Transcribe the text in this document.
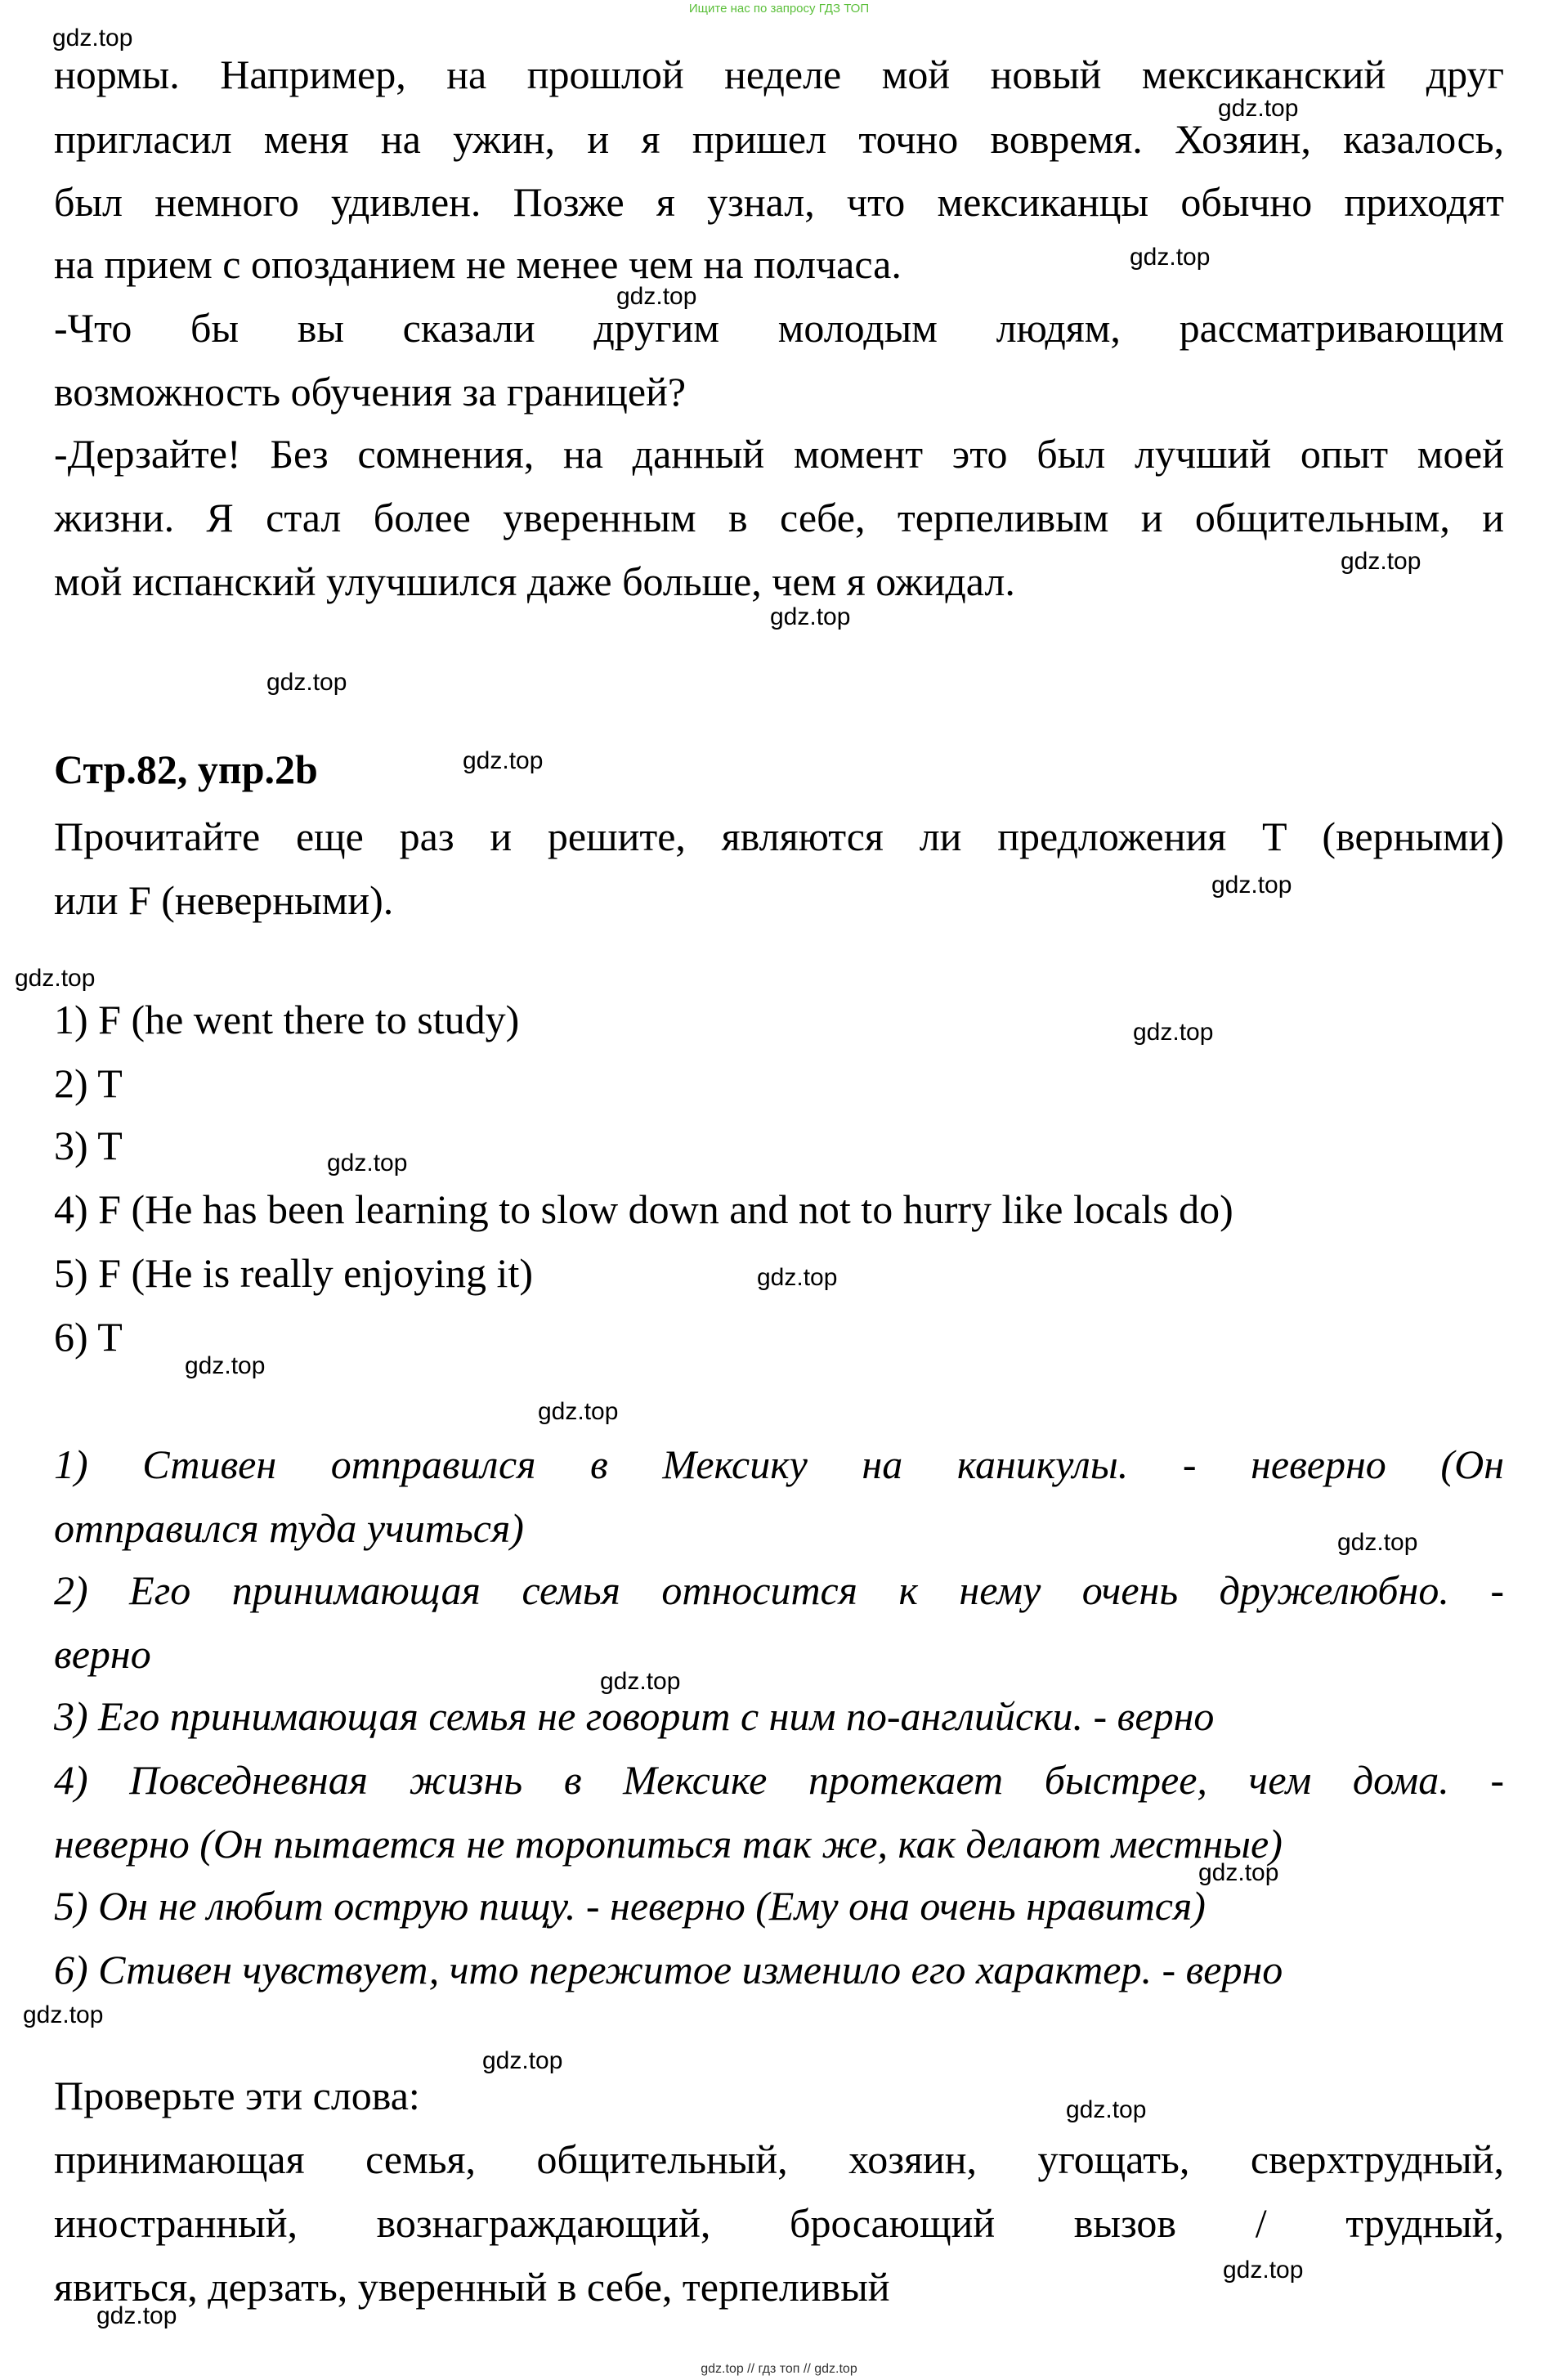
Ищите нас по запросу ГДЗ ТОП
нормы. Например, на прошлой неделе мой новый мексиканский друг
пригласил меня на ужин, и я пришел точно вовремя. Хозяин, казалось,
был немного удивлен. Позже я узнал, что мексиканцы обычно приходят
на прием с опозданием не менее чем на полчаса.
-Что бы вы сказали другим молодым людям, рассматривающим
возможность обучения за границей?
-Дерзайте! Без сомнения, на данный момент это был лучший опыт моей
жизни. Я стал более уверенным в себе, терпеливым и общительным, и
мой испанский улучшился даже больше, чем я ожидал.
Стр.82, упр.2b
Прочитайте еще раз и решите, являются ли предложения T (верными)
или F (неверными).
1) F (he went there to study)
2) T
3) T
4) F (He has been learning to slow down and not to hurry like locals do)
5) F (He is really enjoying it)
6) T
1) Стивен отправился в Мексику на каникулы. - неверно (Он
отправился туда учиться)
2) Его принимающая семья относится к нему очень дружелюбно. -
верно
3) Его принимающая семья не говорит с ним по-английски. - верно
4) Повседневная жизнь в Мексике протекает быстрее, чем дома. -
неверно (Он пытается не торопиться так же, как делают местные)
5) Он не любит острую пищу. - неверно (Ему она очень нравится)
6) Стивен чувствует, что пережитое изменило его характер. - верно
Проверьте эти слова:
принимающая семья, общительный, хозяин, угощать, сверхтрудный,
иностранный, вознаграждающий, бросающий вызов / трудный,
явиться, дерзать, уверенный в себе, терпеливый
gdz.top
gdz.top
gdz.top
gdz.top
gdz.top
gdz.top
gdz.top
gdz.top
gdz.top
gdz.top
gdz.top
gdz.top
gdz.top
gdz.top
gdz.top
gdz.top
gdz.top
gdz.top
gdz.top
gdz.top
gdz.top
gdz.top
gdz.top
gdz.top // гдз топ // gdz.top
